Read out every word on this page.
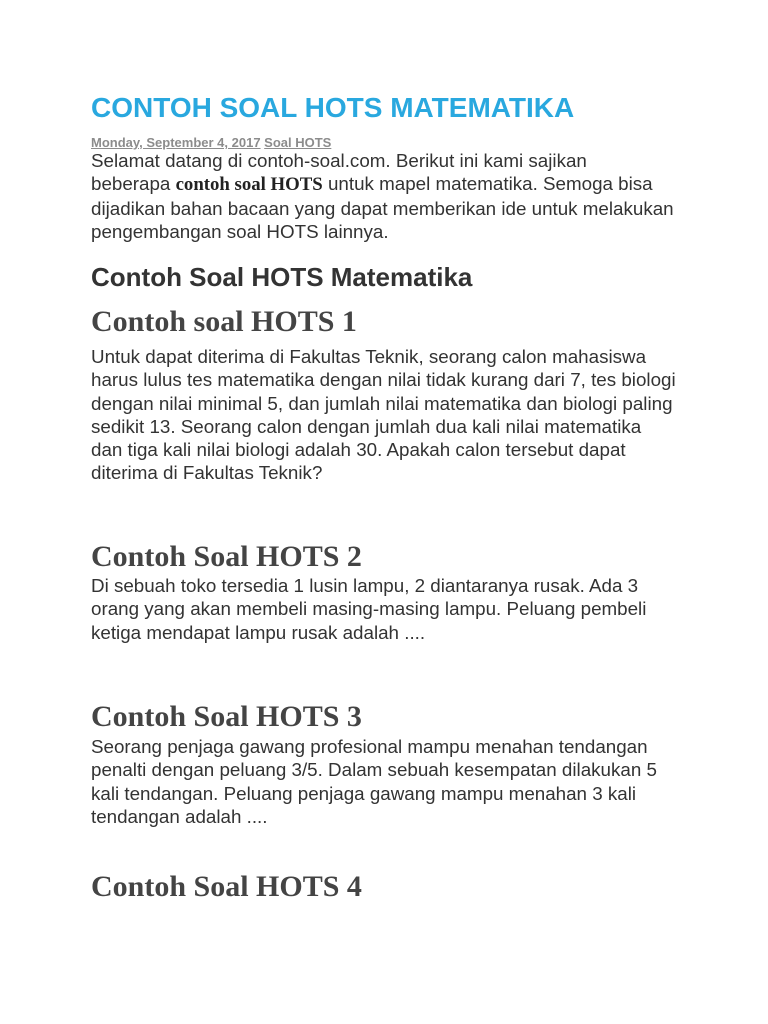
CONTOH SOAL HOTS MATEMATIKA
Monday, September 4, 2017 Soal HOTS
Selamat datang di contoh-soal.com. Berikut ini kami sajikan
beberapa contoh soal HOTS untuk mapel matematika. Semoga bisa
dijadikan bahan bacaan yang dapat memberikan ide untuk melakukan
pengembangan soal HOTS lainnya.
Contoh Soal HOTS Matematika
Contoh soal HOTS 1
Untuk dapat diterima di Fakultas Teknik, seorang calon mahasiswa
harus lulus tes matematika dengan nilai tidak kurang dari 7, tes biologi
dengan nilai minimal 5, dan jumlah nilai matematika dan biologi paling
sedikit 13. Seorang calon dengan jumlah dua kali nilai matematika
dan tiga kali nilai biologi adalah 30. Apakah calon tersebut dapat
diterima di Fakultas Teknik?
Contoh Soal HOTS 2
Di sebuah toko tersedia 1 lusin lampu, 2 diantaranya rusak. Ada 3
orang yang akan membeli masing-masing lampu. Peluang pembeli
ketiga mendapat lampu rusak adalah ....
Contoh Soal HOTS 3
Seorang penjaga gawang profesional mampu menahan tendangan
penalti dengan peluang 3/5. Dalam sebuah kesempatan dilakukan 5
kali tendangan. Peluang penjaga gawang mampu menahan 3 kali
tendangan adalah ....
Contoh Soal HOTS 4
